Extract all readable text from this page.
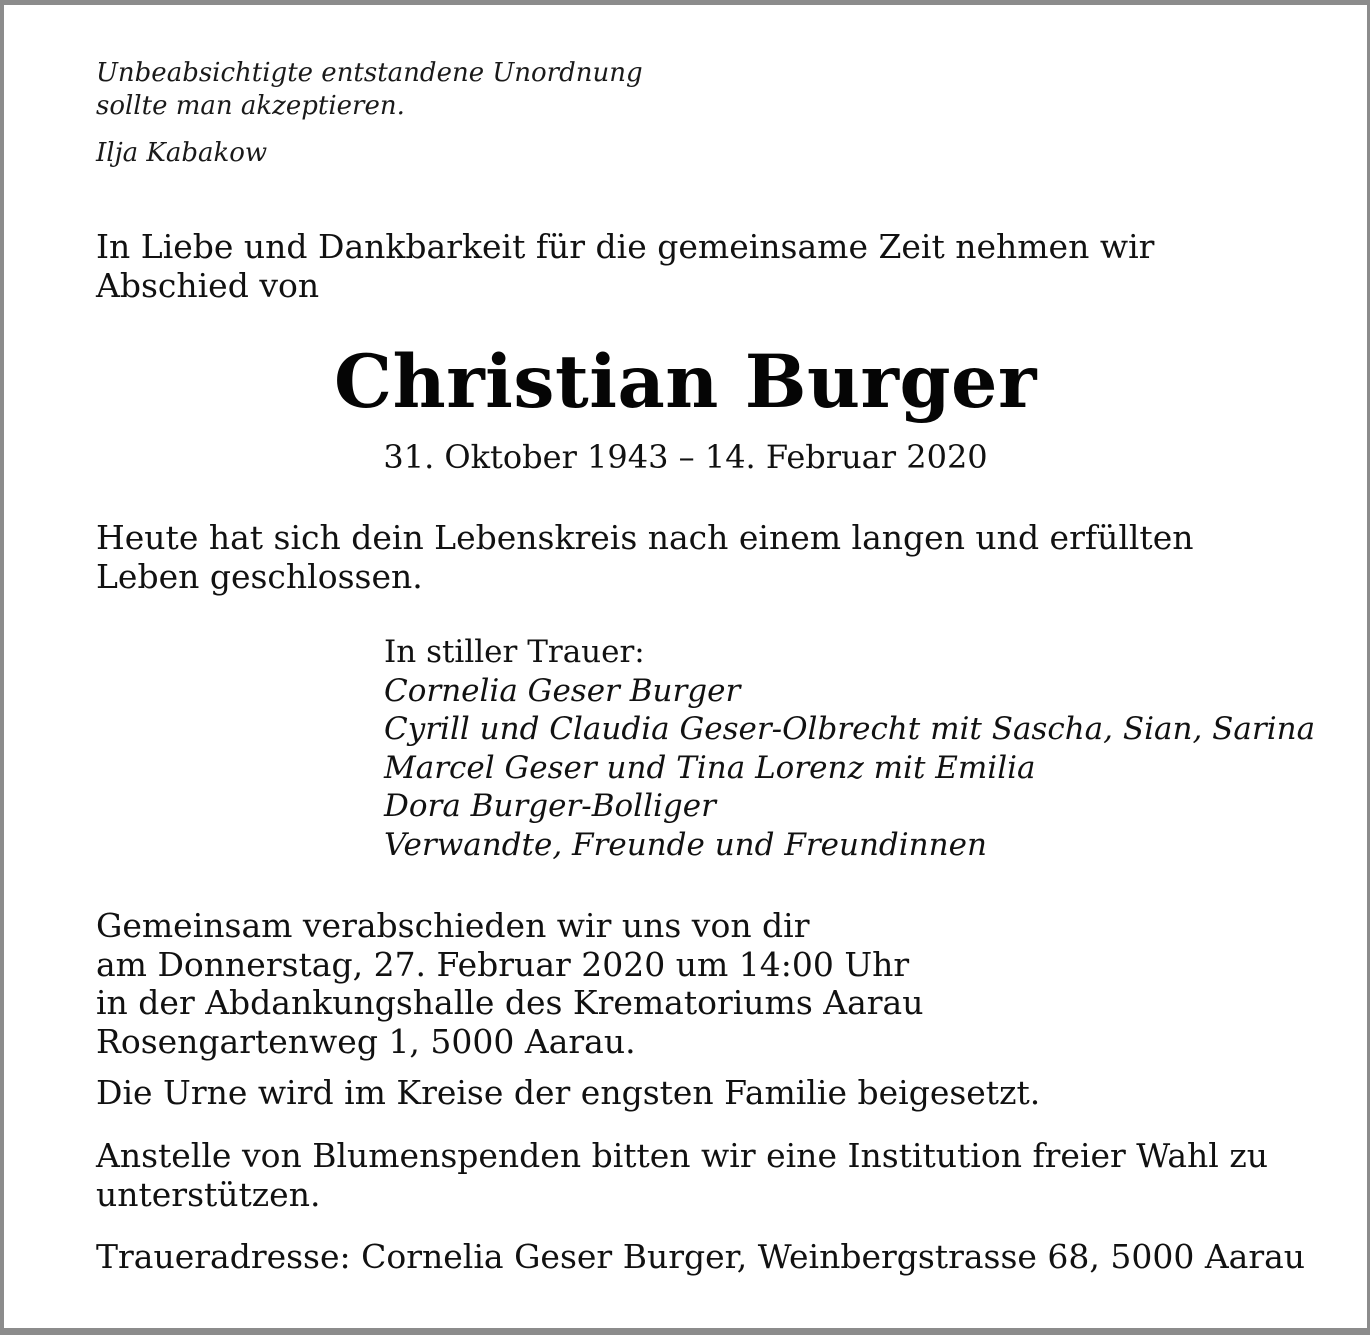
Unbeabsichtigte entstandene Unordnung
sollte man akzeptieren.
Ilja Kabakow
In Liebe und Dankbarkeit für die gemeinsame Zeit nehmen wir
Abschied von
Christian Burger
31. Oktober 1943 – 14. Februar 2020
Heute hat sich dein Lebenskreis nach einem langen und erfüllten
Leben geschlossen.
In stiller Trauer:
Cornelia Geser Burger
Cyrill und Claudia Geser-Olbrecht mit Sascha, Sian, Sarina
Marcel Geser und Tina Lorenz mit Emilia
Dora Burger-Bolliger
Verwandte, Freunde und Freundinnen
Gemeinsam verabschieden wir uns von dir
am Donnerstag, 27. Februar 2020 um 14:00 Uhr
in der Abdankungshalle des Krematoriums Aarau
Rosengartenweg 1, 5000 Aarau.
Die Urne wird im Kreise der engsten Familie beigesetzt.
Anstelle von Blumenspenden bitten wir eine Institution freier Wahl zu
unterstützen.
Traueradresse: Cornelia Geser Burger, Weinbergstrasse 68, 5000 Aarau
